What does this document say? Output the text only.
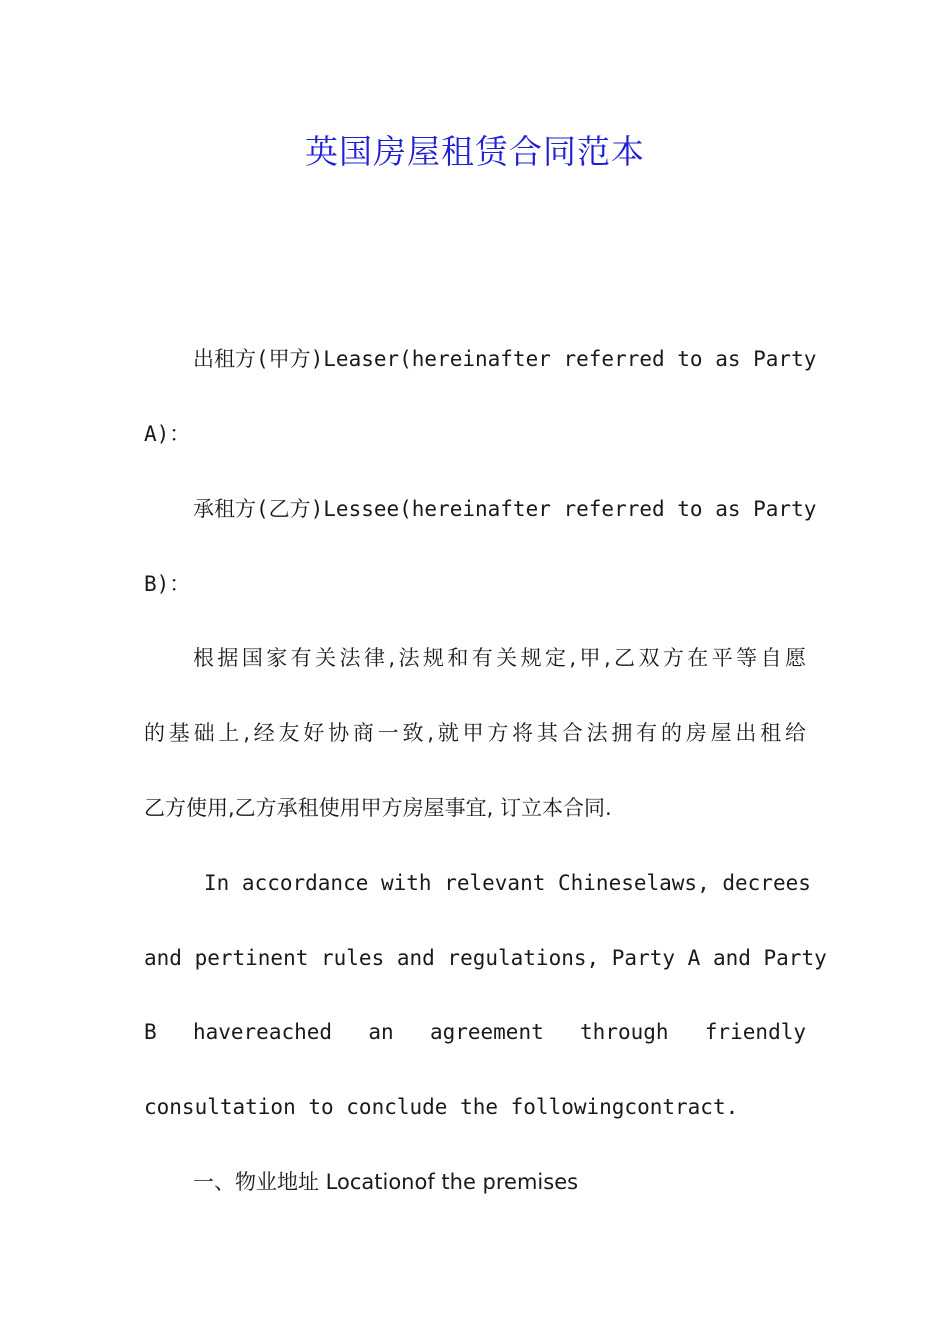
英国房屋租赁合同范本
出租方(甲方)Leaser(hereinafter referred to as Party
A)：
承租方(乙方)Lessee(hereinafter referred to as Party
B)：
根据国家有关法律,法规和有关规定,甲,乙双方在平等自愿
的基础上,经友好协商一致,就甲方将其合法拥有的房屋出租给
乙方使用,乙方承租使用甲方房屋事宜, 订立本合同.
In accordance with relevant Chineselaws, decrees
and pertinent rules and regulations, Party A and Party
B havereached an agreement through friendly
consultation to conclude the followingcontract.
一、物业地址 Locationof the premises
